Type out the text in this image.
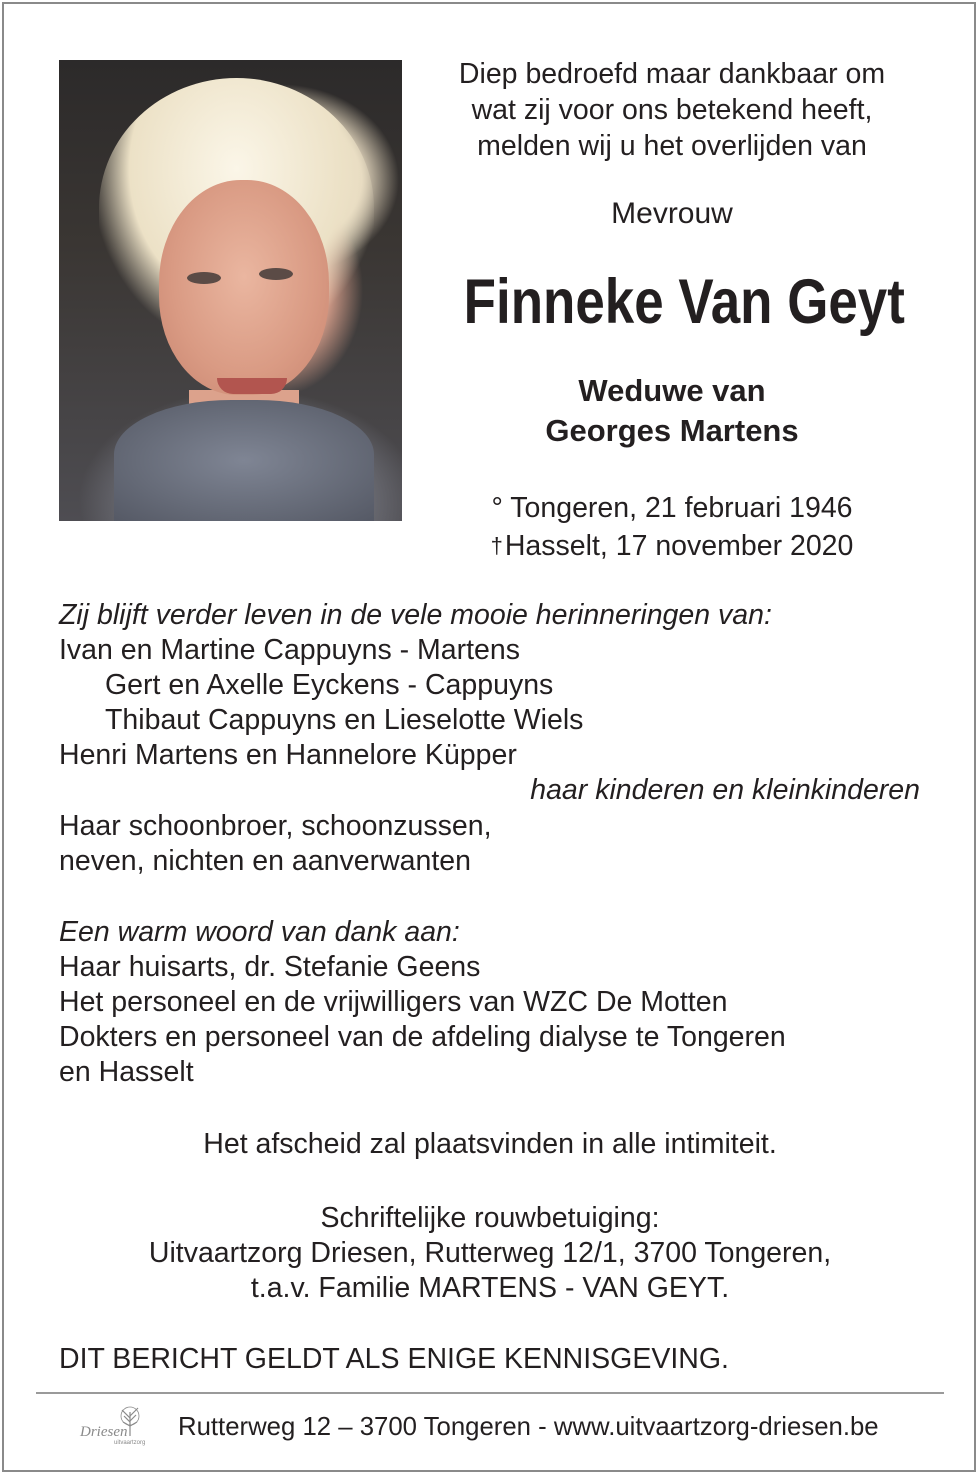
Diep bedroefd maar dankbaar om
wat zij voor ons betekend heeft,
melden wij u het overlijden van
Mevrouw
Finneke Van Geyt
Weduwe van
Georges Martens
° Tongeren, 21 februari 1946
†Hasselt, 17 november 2020
Zij blijft verder leven in de vele mooie herinneringen van:
Ivan en Martine Cappuyns - Martens
Gert en Axelle Eyckens - Cappuyns
Thibaut Cappuyns en Lieselotte Wiels
Henri Martens en Hannelore Küpper
haar kinderen en kleinkinderen
Haar schoonbroer, schoonzussen,
neven, nichten en aanverwanten
Een warm woord van dank aan:
Haar huisarts, dr. Stefanie Geens
Het personeel en de vrijwilligers van WZC De Motten
Dokters en personeel van de afdeling dialyse te Tongeren
en Hasselt
Het afscheid zal plaatsvinden in alle intimiteit.
Schriftelijke rouwbetuiging:
Uitvaartzorg Driesen, Rutterweg 12/1, 3700 Tongeren,
t.a.v. Familie MARTENS - VAN GEYT.
DIT BERICHT GELDT ALS ENIGE KENNISGEVING.
Driesen
uitvaartzorg
Rutterweg 12 – 3700 Tongeren - www.uitvaartzorg-driesen.be
